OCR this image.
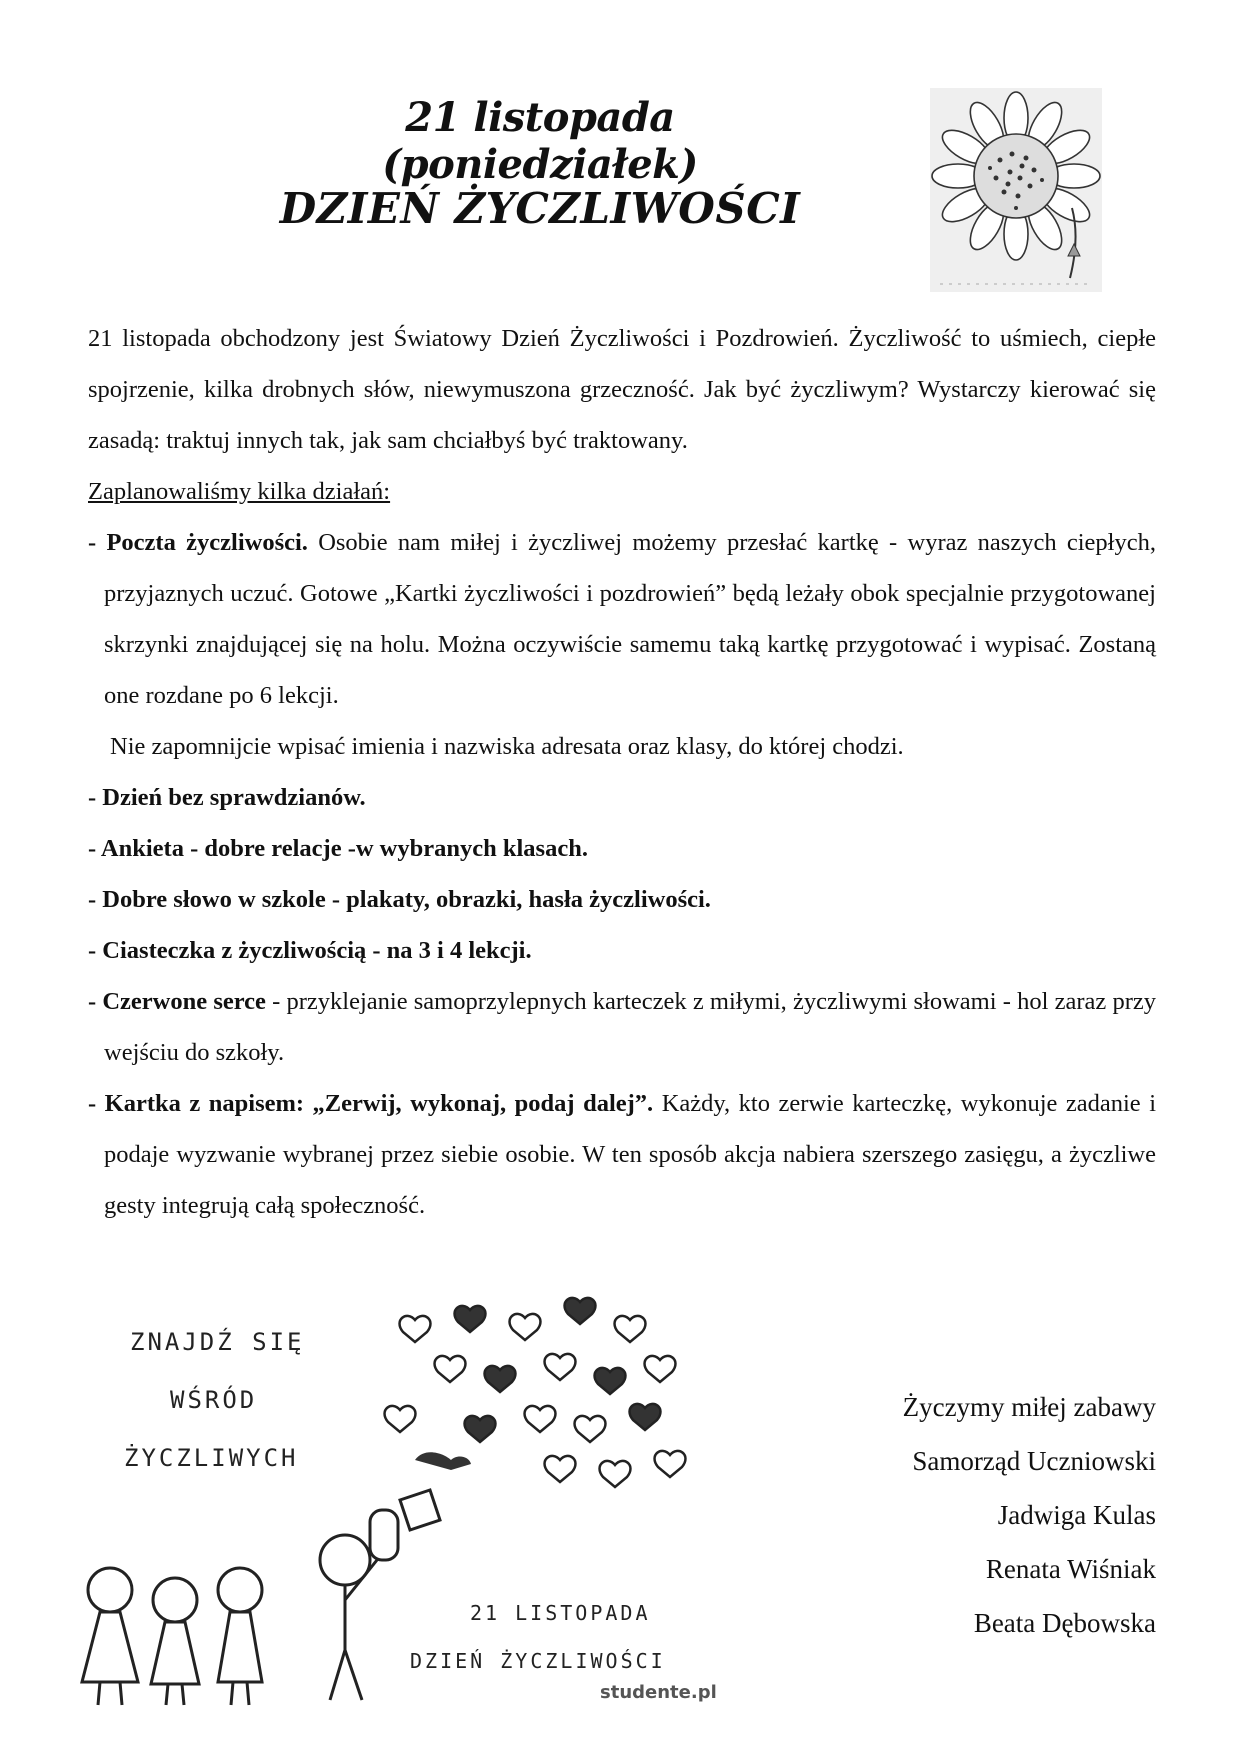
21 listopada (poniedziałek)
DZIEŃ ŻYCZLIWOŚCI

21 listopada obchodzony jest Światowy Dzień Życzliwości i Pozdrowień. Życzliwość to uśmiech, ciepłe spojrzenie, kilka drobnych słów, niewymuszona grzeczność. Jak być życzliwym? Wystarczy kierować się zasadą: traktuj innych tak, jak sam chciałbyś być traktowany.

Zaplanowaliśmy kilka działań:

- Poczta życzliwości. Osobie nam miłej i życzliwej możemy przesłać kartkę - wyraz naszych ciepłych, przyjaznych uczuć. Gotowe „Kartki życzliwości i pozdrowień” będą leżały obok specjalnie przygotowanej skrzynki znajdującej się na holu. Można oczywiście samemu taką kartkę przygotować i wypisać. Zostaną one rozdane po 6 lekcji.

Nie zapomnijcie wpisać imienia i nazwiska adresata oraz klasy, do której chodzi.

- Dzień bez sprawdzianów.

- Ankieta - dobre relacje -w wybranych klasach.

- Dobre słowo w szkole - plakaty, obrazki, hasła życzliwości.

- Ciasteczka z życzliwością - na 3 i 4 lekcji.

- Czerwone serce - przyklejanie samoprzylepnych karteczek z miłymi, życzliwymi słowami - hol zaraz przy wejściu do szkoły.

- Kartka z napisem: „Zerwij, wykonaj, podaj dalej”. Każdy, kto zerwie karteczkę, wykonuje zadanie i podaje wyzwanie wybranej przez siebie osobie. W ten sposób akcja nabiera szerszego zasięgu, a życzliwe gesty integrują całą społeczność.

ZNAJDŹ SIĘ
WŚRÓD
ŻYCZLIWYCH
21 LISTOPADA
DZIEŃ ŻYCZLIWOŚCI
studente.pl
Życzymy miłej zabawy
Samorząd Uczniowski
Jadwiga Kulas
Renata Wiśniak
Beata Dębowska
